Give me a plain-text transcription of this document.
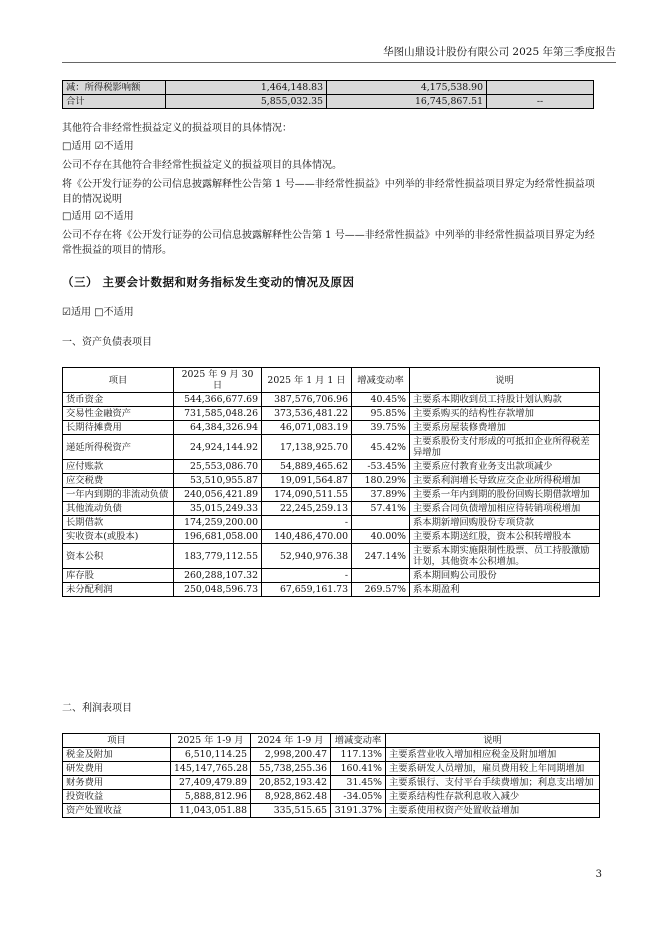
华图山鼎设计股份有限公司 2025 年第三季度报告
减：所得税影响额	1,464,148.83	4,175,538.90	
合计	5,855,032.35	16,745,867.51	--
其他符合非经常性损益定义的损益项目的具体情况：
□适用 ☑不适用
公司不存在其他符合非经常性损益定义的损益项目的具体情况。
将《公开发行证券的公司信息披露解释性公告第 1 号——非经常性损益》中列举的非经常性损益项目界定为经常性损益项目的情况说明
□适用 ☑不适用
公司不存在将《公开发行证券的公司信息披露解释性公告第 1 号——非经常性损益》中列举的非经常性损益项目界定为经常性损益的项目的情形。
（三） 主要会计数据和财务指标发生变动的情况及原因
☑适用 □不适用
一、资产负债表项目
项目	2025 年 9 月 30 日	2025 年 1 月 1 日	增减变动率	说明
货币资金	544,366,677.69	387,576,706.96	40.45%	主要系本期收到员工持股计划认购款
交易性金融资产	731,585,048.26	373,536,481.22	95.85%	主要系购买的结构性存款增加
长期待摊费用	64,384,326.94	46,071,083.19	39.75%	主要系房屋装修费增加
递延所得税资产	24,924,144.92	17,138,925.70	45.42%	主要系股份支付形成的可抵扣企业所得税差异增加
应付账款	25,553,086.70	54,889,465.62	-53.45%	主要系应付教育业务支出款项减少
应交税费	53,510,955.87	19,091,564.87	180.29%	主要系利润增长导致应交企业所得税增加
一年内到期的非流动负债	240,056,421.89	174,090,511.55	37.89%	主要系一年内到期的股份回购长期借款增加
其他流动负债	35,015,249.33	22,245,259.13	57.41%	主要系合同负债增加相应待转销项税增加
长期借款	174,259,200.00	-		系本期新增回购股份专项贷款
实收资本(或股本)	196,681,058.00	140,486,470.00	40.00%	主要系本期送红股，资本公积转增股本
资本公积	183,779,112.55	52,940,976.38	247.14%	主要系本期实施限制性股票、员工持股激励计划，其他资本公积增加。
库存股	260,288,107.32	-		系本期回购公司股份
未分配利润	250,048,596.73	67,659,161.73	269.57%	系本期盈利
二、利润表项目
项目	2025 年 1-9 月	2024 年 1-9 月	增减变动率	说明
税金及附加	6,510,114.25	2,998,200.47	117.13%	主要系营业收入增加相应税金及附加增加
研发费用	145,147,765.28	55,738,255.36	160.41%	主要系研发人员增加，雇员费用较上年同期增加
财务费用	27,409,479.89	20,852,193.42	31.45%	主要系银行、支付平台手续费增加；利息支出增加
投资收益	5,888,812.96	8,928,862.48	-34.05%	主要系结构性存款利息收入减少
资产处置收益	11,043,051.88	335,515.65	3191.37%	主要系使用权资产处置收益增加
3
